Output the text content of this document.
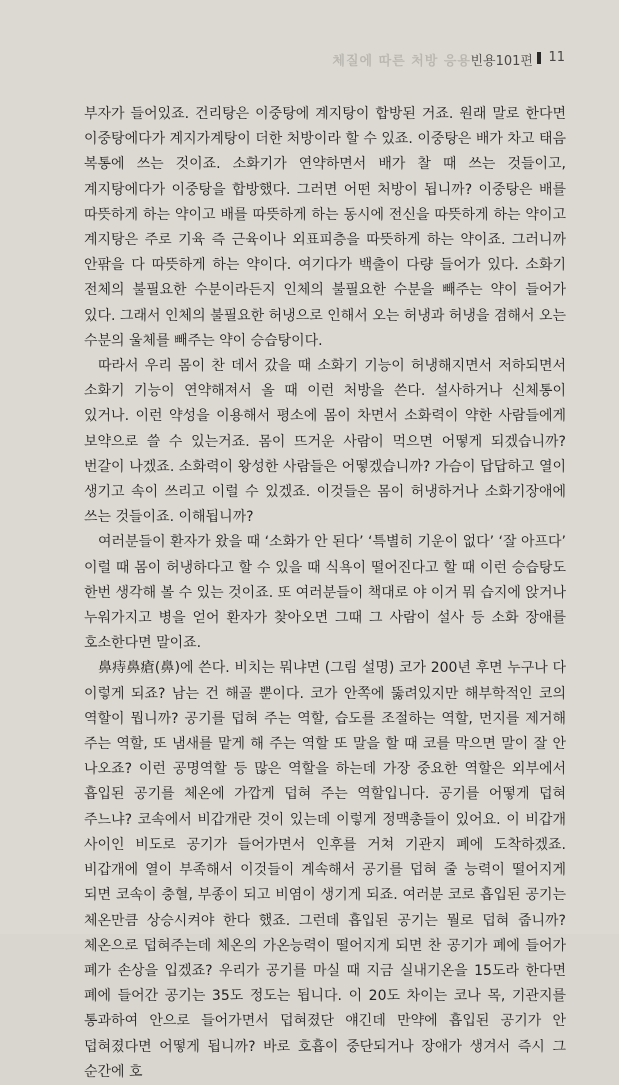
체질에 따른 처방 응용 빈용101편 11

부자가 들어있죠. 건리탕은 이중탕에 계지탕이 합방된 거죠. 원래 말로 한다면 이중탕에다가 계지가계탕이 더한 처방이라 할 수 있죠. 이중탕은 배가 차고 태음 복통에 쓰는 것이죠. 소화기가 연약하면서 배가 찰 때 쓰는 것들이고, 계지탕에다가 이중탕을 합방했다. 그러면 어떤 처방이 됩니까? 이중탕은 배를 따뜻하게 하는 약이고 배를 따뜻하게 하는 동시에 전신을 따뜻하게 하는 약이고 계지탕은 주로 기육 즉 근육이나 외표피층을 따뜻하게 하는 약이죠. 그러니까 안팎을 다 따뜻하게 하는 약이다. 여기다가 백출이 다량 들어가 있다. 소화기 전체의 불필요한 수분이라든지 인체의 불필요한 수분을 빼주는 약이 들어가 있다. 그래서 인체의 불필요한 허냉으로 인해서 오는 허냉과 허냉을 겸해서 오는 수분의 울체를 빼주는 약이 승습탕이다.

따라서 우리 몸이 찬 데서 갔을 때 소화기 기능이 허냉해지면서 저하되면서 소화기 기능이 연약해져서 올 때 이런 처방을 쓴다. 설사하거나 신체통이 있거나. 이런 약성을 이용해서 평소에 몸이 차면서 소화력이 약한 사람들에게 보약으로 쓸 수 있는거죠. 몸이 뜨거운 사람이 먹으면 어떻게 되겠습니까? 번갈이 나겠죠. 소화력이 왕성한 사람들은 어떻겠습니까? 가슴이 답답하고 열이 생기고 속이 쓰리고 이럴 수 있겠죠. 이것들은 몸이 허냉하거나 소화기장애에 쓰는 것들이죠. 이해됩니까?

여러분들이 환자가 왔을 때 ‘소화가 안 된다’ ‘특별히 기운이 없다’ ‘잘 아프다’ 이럴 때 몸이 허냉하다고 할 수 있을 때 식욕이 떨어진다고 할 때 이런 승습탕도 한번 생각해 볼 수 있는 것이죠. 또 여러분들이 책대로 야 이거 뭐 습지에 앉거나 누워가지고 병을 얻어 환자가 찾아오면 그때 그 사람이 설사 등 소화 장애를 호소한다면 말이죠.

鼻痔鼻瘡(鼻)에 쓴다. 비치는 뭐냐면 (그림 설명) 코가 200년 후면 누구나 다 이렇게 되죠? 남는 건 해골 뿐이다. 코가 안쪽에 뚫려있지만 해부학적인 코의 역할이 뭡니까? 공기를 덥혀 주는 역할, 습도를 조절하는 역할, 먼지를 제거해 주는 역할, 또 냄새를 맡게 해 주는 역할 또 말을 할 때 코를 막으면 말이 잘 안 나오죠? 이런 공명역할 등 많은 역할을 하는데 가장 중요한 역할은 외부에서 흡입된 공기를 체온에 가깝게 덥혀 주는 역할입니다. 공기를 어떻게 덥혀 주느냐? 코속에서 비갑개란 것이 있는데 이렇게 정맥총들이 있어요. 이 비갑개 사이인 비도로 공기가 들어가면서 인후를 거쳐 기관지 폐에 도착하겠죠. 비갑개에 열이 부족해서 이것들이 계속해서 공기를 덥혀 줄 능력이 떨어지게 되면 코속이 충혈, 부종이 되고 비염이 생기게 되죠. 여러분 코로 흡입된 공기는 체온만큼 상승시켜야 한다 했죠. 그런데 흡입된 공기는 뭘로 덥혀 줍니까? 체온으로 덥혀주는데 체온의 가온능력이 떨어지게 되면 찬 공기가 폐에 들어가 폐가 손상을 입겠죠? 우리가 공기를 마실 때 지금 실내기온을 15도라 한다면 폐에 들어간 공기는 35도 정도는 됩니다. 이 20도 차이는 코나 목, 기관지를 통과하여 안으로 들어가면서 덥혀졌단 얘긴데 만약에 흡입된 공기가 안 덥혀졌다면 어떻게 됩니까? 바로 호흡이 중단되거나 장애가 생겨서 즉시 그 순간에 호
